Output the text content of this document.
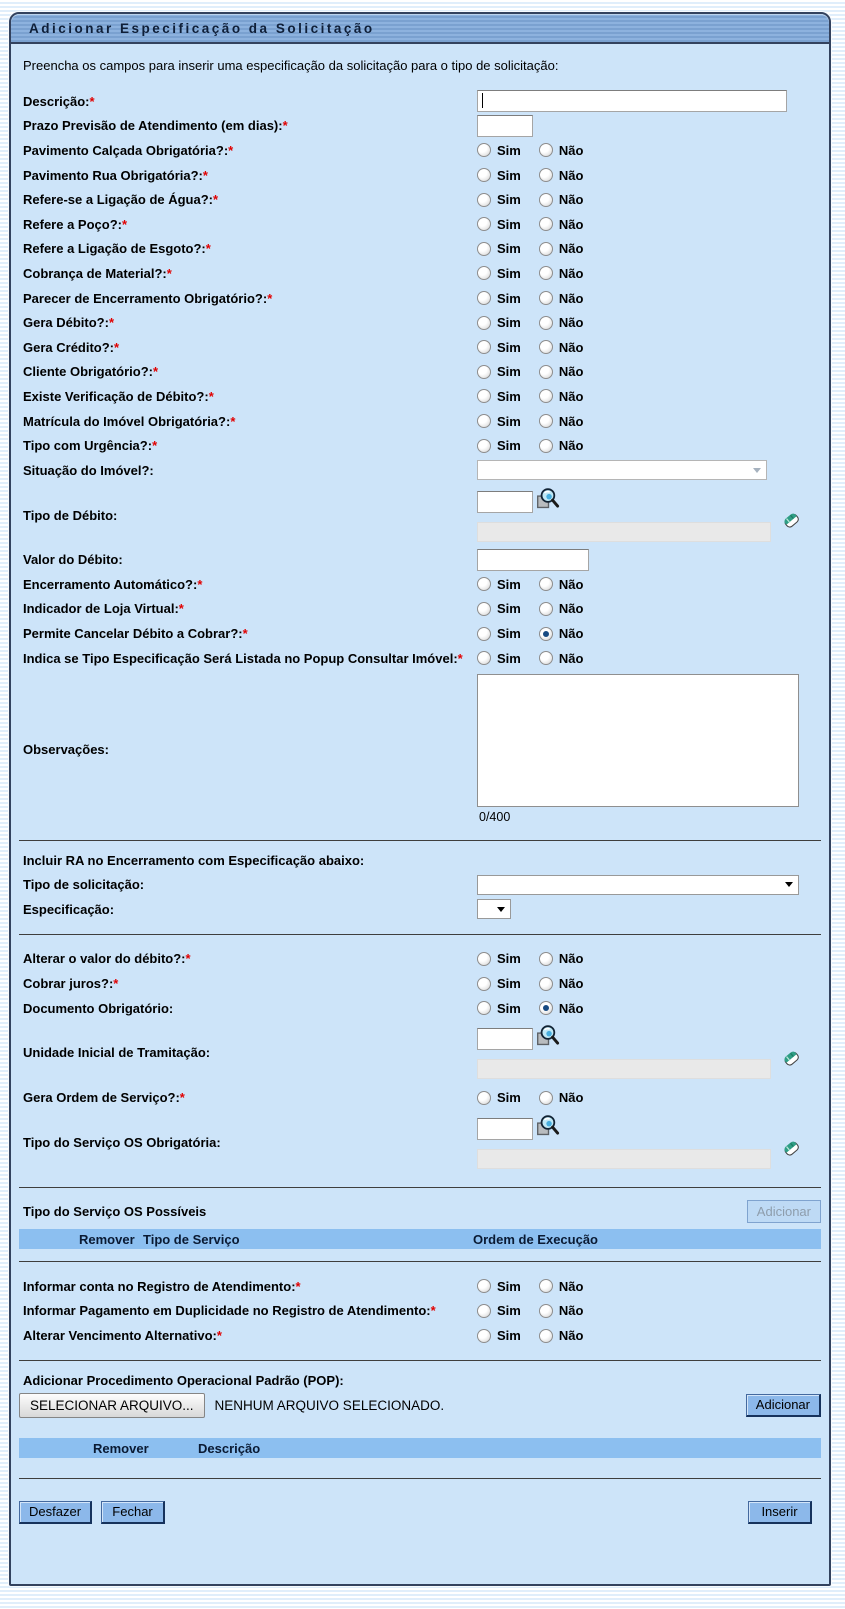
Adicionar Especificação da Solicitação
Preencha os campos para inserir uma especificação da solicitação para o tipo de solicitação:
Descrição:*
Prazo Previsão de Atendimento (em dias):*
Pavimento Calçada Obrigatória?:*	Sim	Não
Pavimento Rua Obrigatória?:*	Sim	Não
Refere-se a Ligação de Água?:*	Sim	Não
Refere a Poço?:*	Sim	Não
Refere a Ligação de Esgoto?:*	Sim	Não
Cobrança de Material?:*	Sim	Não
Parecer de Encerramento Obrigatório?:*	Sim	Não
Gera Débito?:*	Sim	Não
Gera Crédito?:*	Sim	Não
Cliente Obrigatório?:*	Sim	Não
Existe Verificação de Débito?:*	Sim	Não
Matrícula do Imóvel Obrigatória?:*	Sim	Não
Tipo com Urgência?:*	Sim	Não
Situação do Imóvel?:
Tipo de Débito:
Valor do Débito:
Encerramento Automático?:*	Sim	Não
Indicador de Loja Virtual:*	Sim	Não
Permite Cancelar Débito a Cobrar?:*	Sim	Não
Indica se Tipo Especificação Será Listada no Popup Consultar Imóvel:*	Sim	Não
Observações:
0/400
Incluir RA no Encerramento com Especificação abaixo:
Tipo de solicitação:
Especificação:
Alterar o valor do débito?:*	Sim	Não
Cobrar juros?:*	Sim	Não
Documento Obrigatório:	Sim	Não
Unidade Inicial de Tramitação:
Gera Ordem de Serviço?:*	Sim	Não
Tipo do Serviço OS Obrigatória:
Tipo do Serviço OS Possíveis	Adicionar
Remover Tipo de Serviço	Ordem de Execução
Informar conta no Registro de Atendimento:*	Sim	Não
Informar Pagamento em Duplicidade no Registro de Atendimento:*	Sim	Não
Alterar Vencimento Alternativo:*	Sim	Não
Adicionar Procedimento Operacional Padrão (POP):
SELECIONAR ARQUIVO...	NENHUM ARQUIVO SELECIONADO.	Adicionar
Remover	Descrição
Desfazer	Fechar	Inserir
